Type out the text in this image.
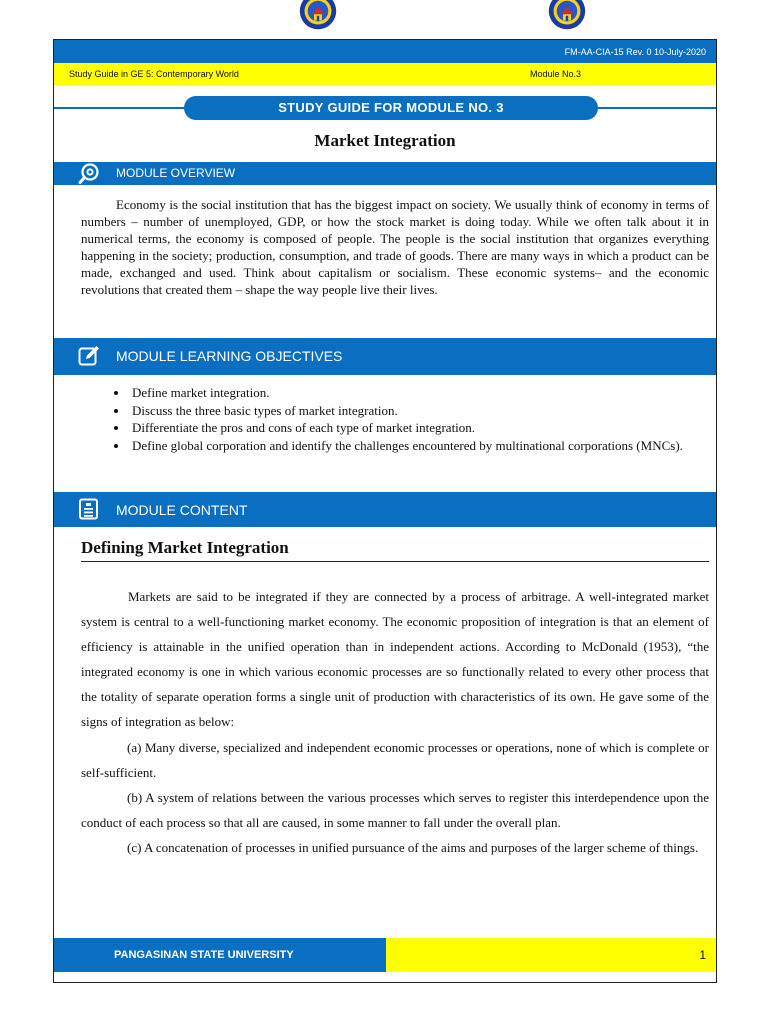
FM-AA-CIA-15 Rev. 0 10-July-2020
Study Guide in GE 5: Contemporary World	Module No.3
STUDY GUIDE FOR MODULE NO. 3
Market Integration
MODULE OVERVIEW

Economy is the social institution that has the biggest impact on society. We usually think of economy in terms of numbers – number of unemployed, GDP, or how the stock market is doing today. While we often talk about it in numerical terms, the economy is composed of people. The people is the social institution that organizes everything happening in the society; production, consumption, and trade of goods. There are many ways in which a product can be made, exchanged and used. Think about capitalism or socialism. These economic systems– and the economic revolutions that created them – shape the way people live their lives.

MODULE LEARNING OBJECTIVES
• Define market integration.
• Discuss the three basic types of market integration.
• Differentiate the pros and cons of each type of market integration.
• Define global corporation and identify the challenges encountered by multinational corporations (MNCs).
MODULE CONTENT
Defining Market Integration

Markets are said to be integrated if they are connected by a process of arbitrage. A well-integrated market system is central to a well-functioning market economy. The economic proposition of integration is that an element of efficiency is attainable in the unified operation than in independent actions. According to McDonald (1953), “the integrated economy is one in which various economic processes are so functionally related to every other process that the totality of separate operation forms a single unit of production with characteristics of its own. He gave some of the signs of integration as below:

(a) Many diverse, specialized and independent economic processes or operations, none of which is complete or self-sufficient.

(b) A system of relations between the various processes which serves to register this interdependence upon the conduct of each process so that all are caused, in some manner to fall under the overall plan.

(c) A concatenation of processes in unified pursuance of the aims and purposes of the larger scheme of things.

PANGASINAN STATE UNIVERSITY	1
